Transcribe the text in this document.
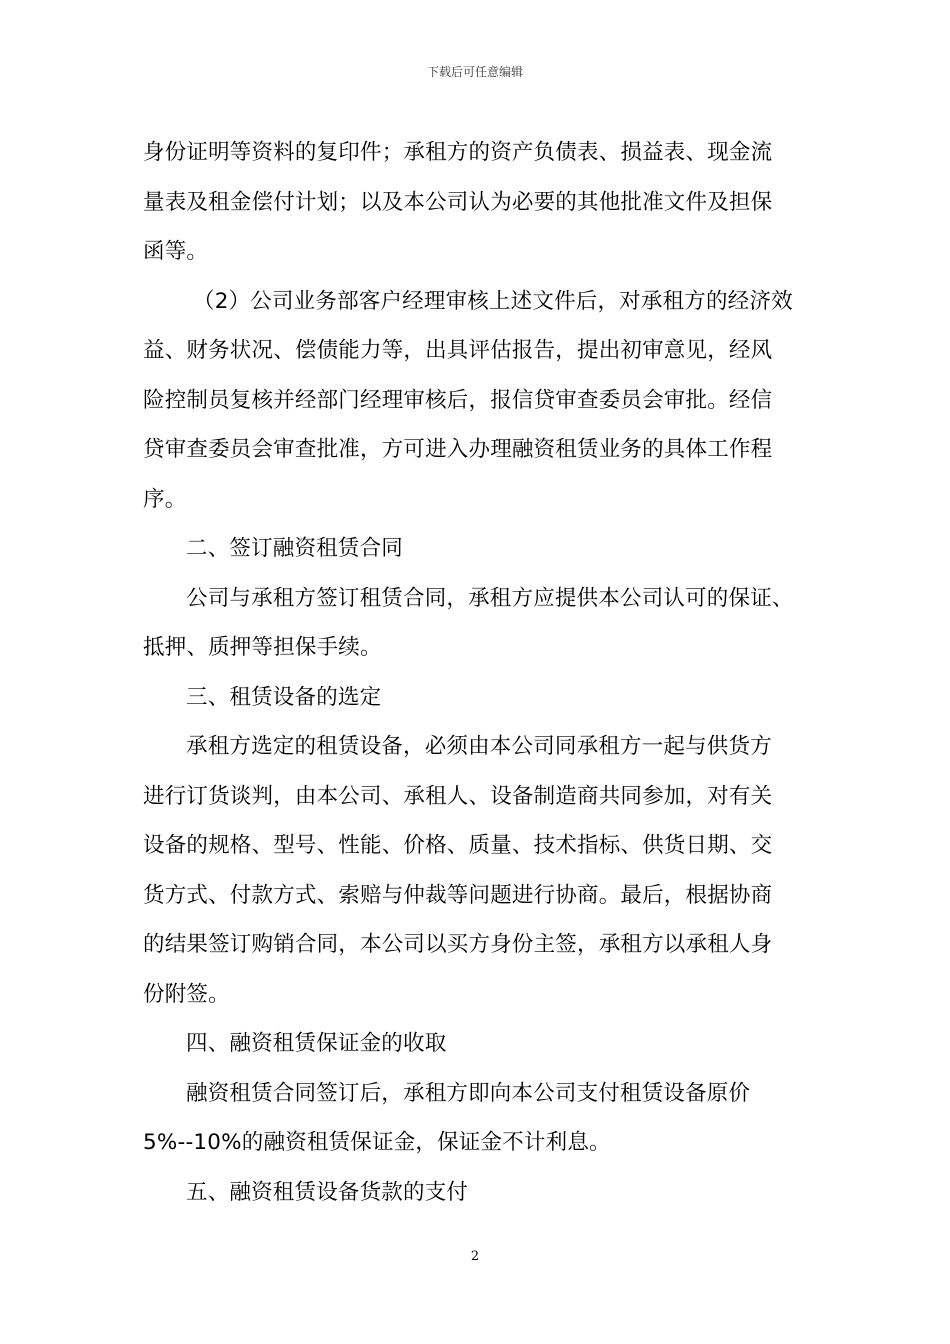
下载后可任意编辑
身份证明等资料的复印件；承租方的资产负债表、损益表、现金流
量表及租金偿付计划；以及本公司认为必要的其他批准文件及担保
函等。
（2）公司业务部客户经理审核上述文件后，对承租方的经济效
益、财务状况、偿债能力等，出具评估报告，提出初审意见，经风
险控制员复核并经部门经理审核后，报信贷审查委员会审批。经信
贷审查委员会审查批准，方可进入办理融资租赁业务的具体工作程
序。
二、签订融资租赁合同
公司与承租方签订租赁合同，承租方应提供本公司认可的保证、
抵押、质押等担保手续。
三、租赁设备的选定
承租方选定的租赁设备，必须由本公司同承租方一起与供货方
进行订货谈判，由本公司、承租人、设备制造商共同参加，对有关
设备的规格、型号、性能、价格、质量、技术指标、供货日期、交
货方式、付款方式、索赔与仲裁等问题进行协商。最后，根据协商
的结果签订购销合同，本公司以买方身份主签，承租方以承租人身
份附签。
四、融资租赁保证金的收取
融资租赁合同签订后，承租方即向本公司支付租赁设备原价
5%--10%的融资租赁保证金，保证金不计利息。
五、融资租赁设备货款的支付
2
